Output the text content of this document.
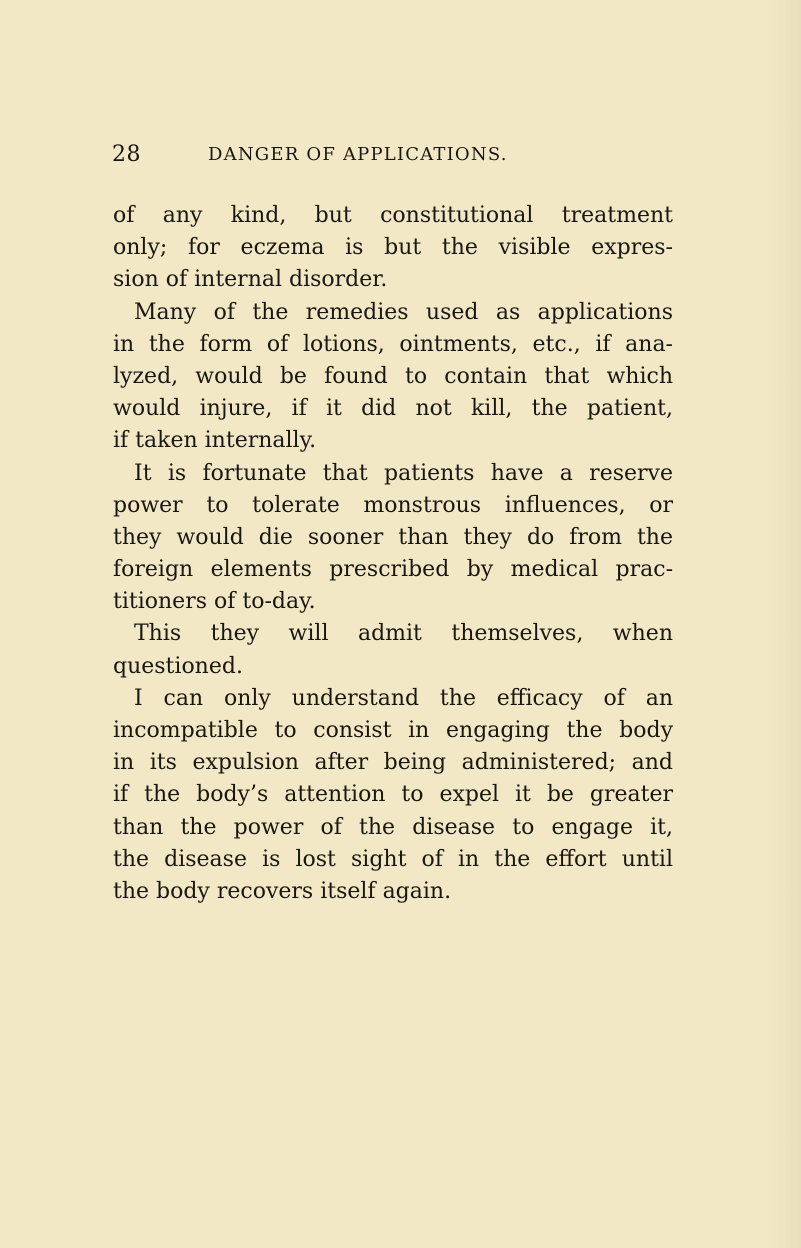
28	DANGER OF APPLICATIONS.
of any kind, but constitutional treatment
only; for eczema is but the visible expres-
sion of internal disorder.
Many of the remedies used as applications
in the form of lotions, ointments, etc., if ana-
lyzed, would be found to contain that which
would injure, if it did not kill, the patient,
if taken internally.
It is fortunate that patients have a reserve
power to tolerate monstrous influences, or
they would die sooner than they do from the
foreign elements prescribed by medical prac-
titioners of to-day.
This they will admit themselves, when
questioned.
I can only understand the efficacy of an
incompatible to consist in engaging the body
in its expulsion after being administered; and
if the body’s attention to expel it be greater
than the power of the disease to engage it,
the disease is lost sight of in the effort until
the body recovers itself again.
